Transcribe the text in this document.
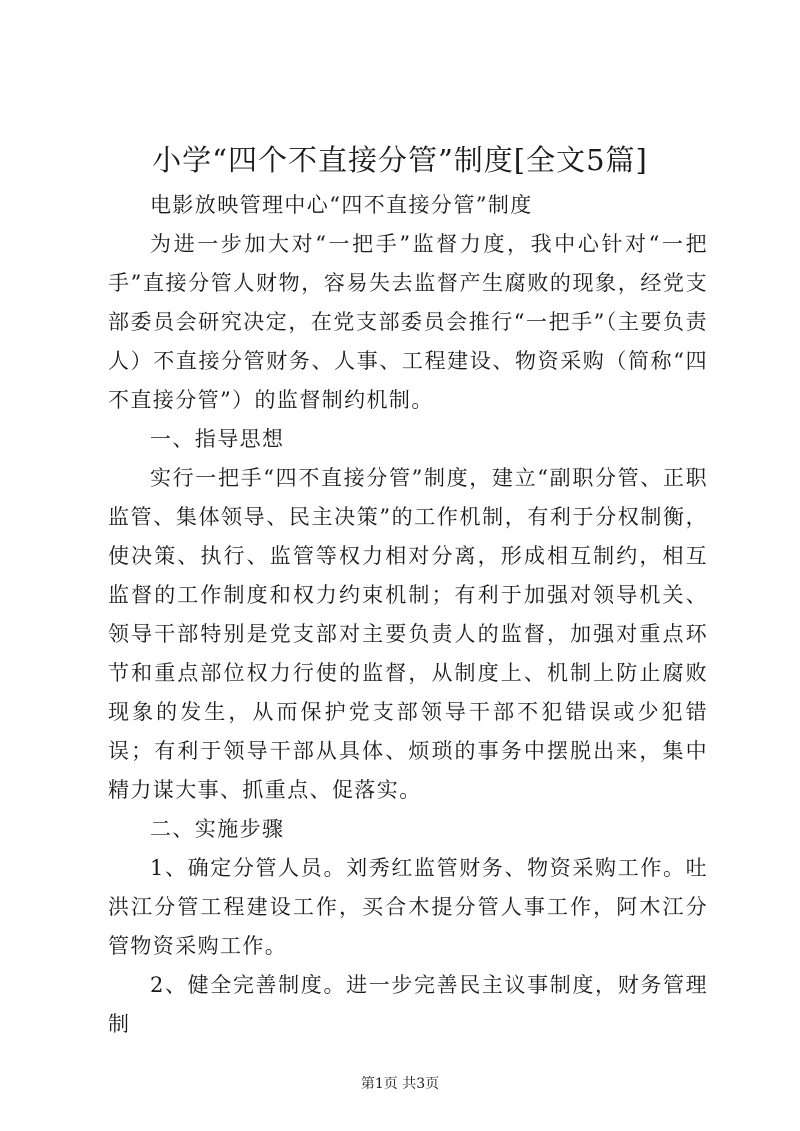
小学“四个不直接分管”制度[全文5篇]

电影放映管理中心“四不直接分管”制度

为进一步加大对“一把手”监督力度，我中心针对“一把手”直接分管人财物，容易失去监督产生腐败的现象，经党支部委员会研究决定，在党支部委员会推行“一把手”（主要负责人）不直接分管财务、人事、工程建设、物资采购（简称“四不直接分管”）的监督制约机制。

一、指导思想

实行一把手“四不直接分管”制度，建立“副职分管、正职监管、集体领导、民主决策”的工作机制，有利于分权制衡，使决策、执行、监管等权力相对分离，形成相互制约，相互监督的工作制度和权力约束机制；有利于加强对领导机关、领导干部特别是党支部对主要负责人的监督，加强对重点环节和重点部位权力行使的监督，从制度上、机制上防止腐败现象的发生，从而保护党支部领导干部不犯错误或少犯错误；有利于领导干部从具体、烦琐的事务中摆脱出来，集中精力谋大事、抓重点、促落实。

二、实施步骤

1、确定分管人员。刘秀红监管财务、物资采购工作。吐洪江分管工程建设工作，买合木提分管人事工作，阿木江分管物资采购工作。

2、健全完善制度。进一步完善民主议事制度，财务管理制

第1页 共3页
